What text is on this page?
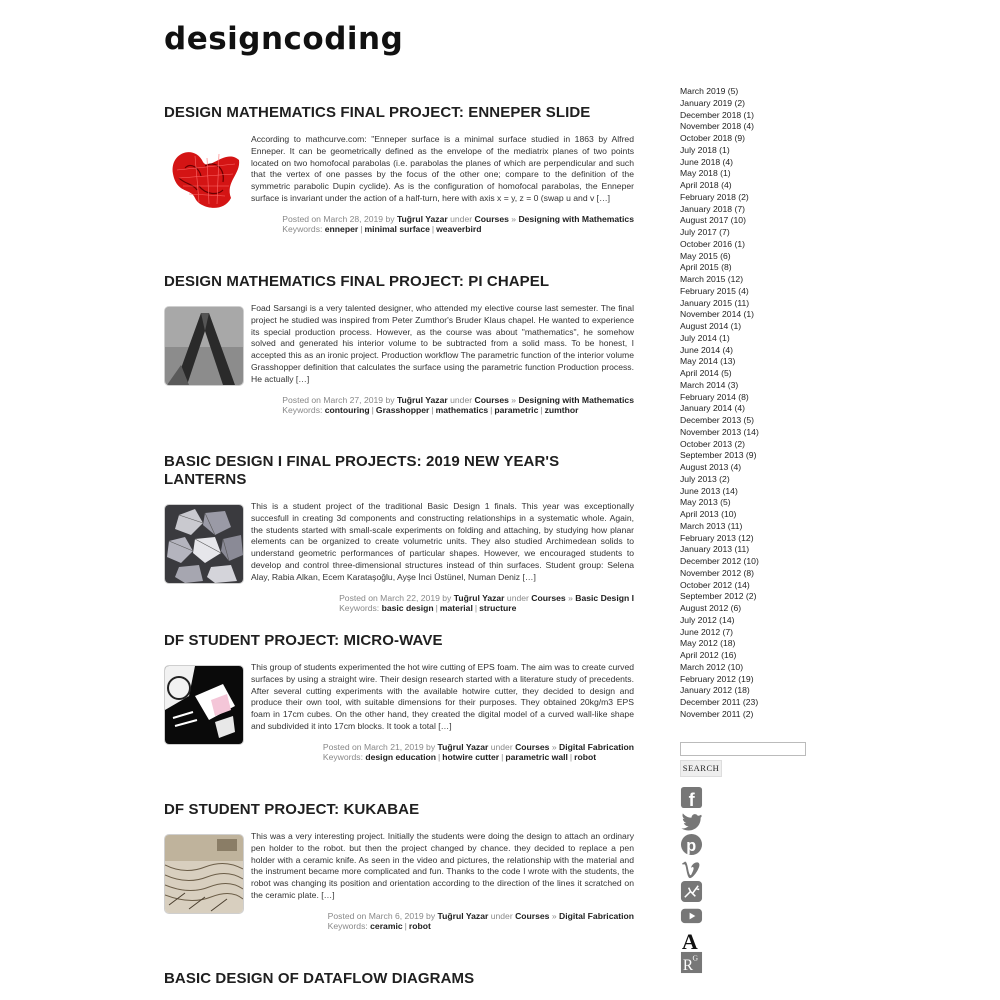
designcoding
DESIGN MATHEMATICS FINAL PROJECT: ENNEPER SLIDE

According to mathcurve.com: "Enneper surface is a minimal surface studied in 1863 by Alfred Enneper. It can be geometrically defined as the envelope of the mediatrix planes of two points located on two homofocal parabolas (i.e. parabolas the planes of which are perpendicular and such that the vertex of one passes by the focus of the other one; compare to the definition of the symmetric parabolic Dupin cyclide). As is the configuration of homofocal parabolas, the Enneper surface is invariant under the action of a half-turn, here with axis x = y, z = 0 (swap u and v […]

Posted on March 28, 2019 by Tuğrul Yazar under Courses » Designing with Mathematics
Keywords: enneper | minimal surface | weaverbird
DESIGN MATHEMATICS FINAL PROJECT: PI CHAPEL

Foad Sarsangi is a very talented designer, who attended my elective course last semester. The final project he studied was inspired from Peter Zumthor's Bruder Klaus chapel. He wanted to experience its special production process. However, as the course was about "mathematics", he somehow solved and generated his interior volume to be subtracted from a solid mass. To be honest, I accepted this as an ironic project. Production workflow The parametric function of the interior volume Grasshopper definition that calculates the surface using the parametric function Production process. He actually […]

Posted on March 27, 2019 by Tuğrul Yazar under Courses » Designing with Mathematics
Keywords: contouring | Grasshopper | mathematics | parametric | zumthor
BASIC DESIGN I FINAL PROJECTS: 2019 NEW YEAR'S LANTERNS

This is a student project of the traditional Basic Design 1 finals. This year was exceptionally succesfull in creating 3d components and constructing relationships in a systematic whole. Again, the students started with small-scale experiments on folding and attaching, by studying how planar elements can be organized to create volumetric units. They also studied Archimedean solids to understand geometric performances of particular shapes. However, we encouraged students to develop and control three-dimensional structures instead of thin surfaces. Student group: Selena Alay, Rabia Alkan, Ecem Karataşoğlu, Ayşe İnci Üstünel, Numan Deniz […]

Posted on March 22, 2019 by Tuğrul Yazar under Courses » Basic Design I
Keywords: basic design | material | structure
DF STUDENT PROJECT: MICRO-WAVE

This group of students experimented the hot wire cutting of EPS foam. The aim was to create curved surfaces by using a straight wire. Their design research started with a literature study of precedents. After several cutting experiments with the available hotwire cutter, they decided to design and produce their own tool, with suitable dimensions for their purposes. They obtained 20kg/m3 EPS foam in 17cm cubes. On the other hand, they created the digital model of a curved wall-like shape and subdivided it into 17cm blocks. It took a total […]

Posted on March 21, 2019 by Tuğrul Yazar under Courses » Digital Fabrication
Keywords: design education | hotwire cutter | parametric wall | robot
DF STUDENT PROJECT: KUKABAE

This was a very interesting project. Initially the students were doing the design to attach an ordinary pen holder to the robot. but then the project changed by chance. they decided to replace a pen holder with a ceramic knife. As seen in the video and pictures, the relationship with the material and the instrument became more complicated and fun. Thanks to the code I wrote with the students, the robot was changing its position and orientation according to the direction of the lines it scratched on the ceramic plate. […]

Posted on March 6, 2019 by Tuğrul Yazar under Courses » Digital Fabrication
Keywords: ceramic | robot
BASIC DESIGN OF DATAFLOW DIAGRAMS
March 2019 (5)
January 2019 (2)
December 2018 (1)
November 2018 (4)
October 2018 (9)
July 2018 (1)
June 2018 (4)
May 2018 (1)
April 2018 (4)
February 2018 (2)
January 2018 (7)
August 2017 (10)
July 2017 (7)
October 2016 (1)
May 2015 (6)
April 2015 (8)
March 2015 (12)
February 2015 (4)
January 2015 (11)
November 2014 (1)
August 2014 (1)
July 2014 (1)
June 2014 (4)
May 2014 (13)
April 2014 (5)
March 2014 (3)
February 2014 (8)
January 2014 (4)
December 2013 (5)
November 2013 (14)
October 2013 (2)
September 2013 (9)
August 2013 (4)
July 2013 (2)
June 2013 (14)
May 2013 (5)
April 2013 (10)
March 2013 (11)
February 2013 (12)
January 2013 (11)
December 2012 (10)
November 2012 (8)
October 2012 (14)
September 2012 (2)
August 2012 (6)
July 2012 (14)
June 2012 (7)
May 2012 (18)
April 2012 (16)
March 2012 (10)
February 2012 (19)
January 2012 (18)
December 2011 (23)
November 2011 (2)
SEARCH
f
p
A
R G
